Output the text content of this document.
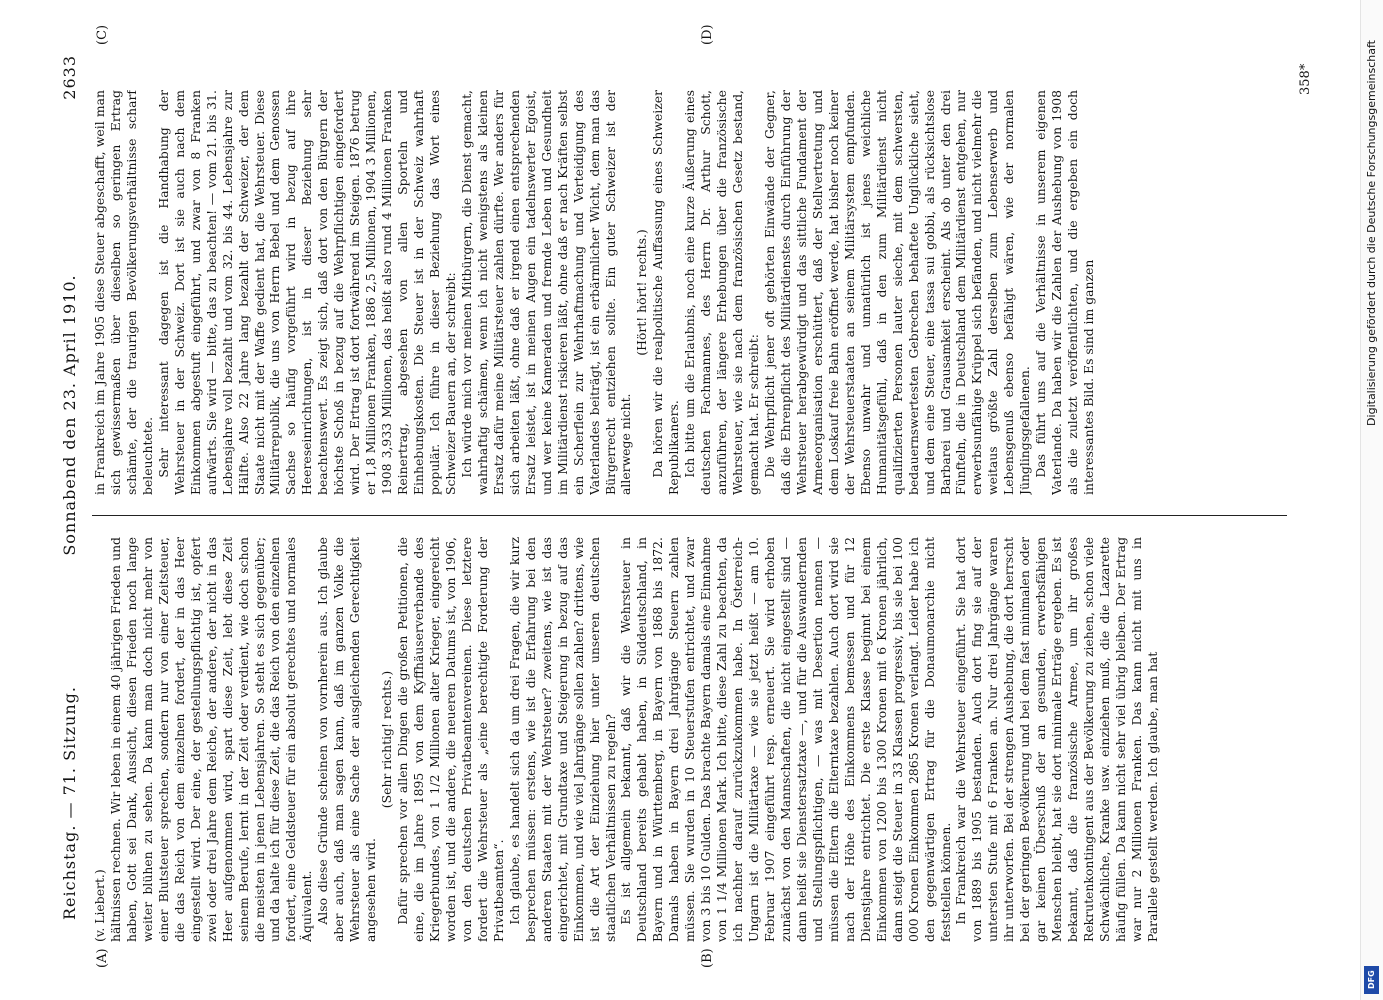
Reichstag. — 71. Sitzung.
Sonnabend den 23. April 1910.
2633
(A)	(B)
(C)	(D)

(v. Liebert.) hältnissen rechnen. Wir leben in einem 40 jährigen Frieden und haben, Gott sei Dank, Aussicht, diesen Frieden noch lange weiter blühen zu sehen. Da kann man doch nicht mehr von einer Blutsteuer sprechen, sondern nur von einer Zeitsteuer, die das Reich von dem einzelnen fordert, der in das Heer eingestellt wird. Der eine, der gestellungspflichtig ist, opfert zwei oder drei Jahre dem Reiche, der andere, der nicht in das Heer aufgenommen wird, spart diese Zeit, lebt diese Zeit seinem Berufe, lernt in der Zeit oder verdient, wie doch schon die meisten in jenen Lebensjahren. So steht es sich gegenüber; und da halte ich für diese Zeit, die das Reich von den einzelnen fordert, eine Geldsteuer für ein absolut gerechtes und normales Äquivalent. Also diese Gründe scheinen von vornherein aus. Ich glaube aber auch, daß man sagen kann, daß im ganzen Volke die Wehrsteuer als eine Sache der ausgleichenden Gerechtigkeit angesehen wird.

(Sehr richtig! rechts.) Dafür sprechen vor allen Dingen die großen Petitionen, die eine, die im Jahre 1895 von dem Kyffhäuserverbande des Kriegerbundes, von 1 1/2 Millionen alter Krieger, eingereicht worden ist, und die andere, die neueren Datums ist, von 1906, von den deutschen Privatbeamtenvereinen. Diese letztere fordert die Wehrsteuer als „eine berechtigte Forderung der Privatbeamten“. Ich glaube, es handelt sich da um drei Fragen, die wir kurz besprechen müssen: erstens, wie ist die Erfahrung bei den anderen Staaten mit der Wehrsteuer? zweitens, wie ist das eingerichtet, mit Grundtaxe und Steigerung in bezug auf das Einkommen, und wie viel Jahrgänge sollen zahlen? drittens, wie ist die Art der Einziehung hier unter unseren deutschen staatlichen Verhältnissen zu regeln? Es ist allgemein bekannt, daß wir die Wehrsteuer in Deutschland bereits gehabt haben, in Süddeutschland, in Bayern und in Württemberg, in Bayern von 1868 bis 1872. Damals haben in Bayern drei Jahrgänge Steuern zahlen müssen. Sie wurden in 10 Steuerstufen entrichtet, und zwar von 3 bis 10 Gulden. Das brachte Bayern damals eine Einnahme von 1 1/4 Millionen Mark. Ich bitte, diese Zahl zu beachten, da ich nachher darauf zurückzukommen habe. In Österreich-Ungarn ist die Militärtaxe — wie sie jetzt heißt — am 10. Februar 1907 eingeführt resp. erneuert. Sie wird erhoben zunächst von den Mannschaften, die nicht eingestellt sind — dann heißt sie Dienstersatztaxe —, und für die Auswandernden und Stellungspflichtigen, — was mit Desertion nennen — müssen die Eltern die Elterntaxe bezahlen. Auch dort wird sie nach der Höhe des Einkommens bemessen und für 12 Dienstjahre entrichtet. Die erste Klasse beginnt bei einem Einkommen von 1200 bis 1300 Kronen mit 6 Kronen jährlich, dann steigt die Steuer in 33 Klassen progressiv, bis sie bei 100 000 Kronen Einkommen 2865 Kronen verlangt. Leider habe ich den gegenwärtigen Ertrag für die Donaumonarchie nicht feststellen können. In Frankreich war die Wehrsteuer eingeführt. Sie hat dort von 1889 bis 1905 bestanden. Auch dort fing sie auf der untersten Stufe mit 6 Franken an. Nur drei Jahrgänge waren ihr unterworfen. Bei der strengen Aushebung, die dort herrscht bei der geringen Bevölkerung und bei dem fast minimalen oder gar keinen Überschuß der an gesunden, erwerbsfähigen Menschen bleibt, hat sie dort minimale Erträge ergeben. Es ist bekannt, daß die französische Armee, um ihr großes Rekrutenkontingent aus der Bevölkerung zu ziehen, schon viele Schwächliche, Kranke usw. einziehen muß, die die Lazarette häufig füllen. Da kann nicht sehr viel übrig bleiben. Der Ertrag war nur 2 Millionen Franken. Das kann nicht mit uns in Parallele gestellt werden. Ich glaube, man hat

in Frankreich im Jahre 1905 diese Steuer abgeschafft, weil man sich gewissermaßen über dieselben so geringen Ertrag schämte, der die traurigen Bevölkerungsverhältnisse scharf beleuchtete. Sehr interessant dagegen ist die Handhabung der Wehrsteuer in der Schweiz. Dort ist sie auch nach dem Einkommen abgestuft eingeführt, und zwar von 8 Franken aufwärts. Sie wird — bitte, das zu beachten! — vom 21. bis 31. Lebensjahre voll bezahlt und vom 32. bis 44. Lebensjahre zur Hälfte. Also 22 Jahre lang bezahlt der Schweizer, der dem Staate nicht mit der Waffe gedient hat, die Wehrsteuer. Diese Militärrepublik, die uns von Herrn Bebel und dem Genossen Sachse so häufig vorgeführt wird in bezug auf ihre Heereseinrichtungen, ist in dieser Beziehung sehr beachtenswert. Es zeigt sich, daß dort von den Bürgern der höchste Schoß in bezug auf die Wehrpflichtigen eingefordert wird. Der Ertrag ist dort fortwährend im Steigen. 1876 betrug er 1,8 Millionen Franken, 1886 2,5 Millionen, 1904 3 Millionen, 1908 3,933 Millionen, das heißt also rund 4 Millionen Franken Reinertrag, abgesehen von allen Sporteln und Einhebungskosten. Die Steuer ist in der Schweiz wahrhaft populär. Ich führe in dieser Beziehung das Wort eines Schweizer Bauern an, der schreibt: Ich würde mich vor meinen Mitbürgern, die Dienst gemacht, wahrhaftig schämen, wenn ich nicht wenigstens als kleinen Ersatz dafür meine Militärsteuer zahlen dürfte. Wer anders für sich arbeiten läßt, ohne daß er irgend einen entsprechenden Ersatz leistet, ist in meinen Augen ein tadelnswerter Egoist, und wer keine Kameraden und fremde Leben und Gesundheit im Militärdienst riskieren läßt, ohne daß er nach Kräften selbst ein Scherflein zur Wehrhaftmachung und Verteidigung des Vaterlandes beiträgt, ist ein erbärmlicher Wicht, dem man das Bürgerrecht entziehen sollte. Ein guter Schweizer ist der allerwege nicht.

(Hört! hört! rechts.) Da hören wir die realpolitische Auffassung eines Schweizer Republikaners. Ich bitte um die Erlaubnis, noch eine kurze Äußerung eines deutschen Fachmannes, des Herrn Dr. Arthur Schott, anzuführen, der längere Erhebungen über die französische Wehrsteuer, wie sie nach dem französischen Gesetz bestand, gemacht hat. Er schreibt: Die Wehrpflicht jener oft gehörten Einwände der Gegner, daß die Ehrenpflicht des Militärdienstes durch Einführung der Wehrsteuer herabgewürdigt und das sittliche Fundament der Armeeorganisation erschüttert, daß der Stellvertretung und dem Loskauf freie Bahn eröffnet werde, hat bisher noch keiner der Wehrsteuerstaaten an seinem Militärsystem empfunden. Ebenso unwahr und unnatürlich ist jenes weichliche Humanitätsgefühl, daß in den zum Militärdienst nicht qualifizierten Personen lauter sieche, mit dem schwersten, bedauernswertesten Gebrechen behaftete Unglückliche sieht, und dem eine Steuer, eine tassa sui gobbi, als rücksichtslose Barbarei und Grausamkeit erscheint. Als ob unter den drei Fünfteln, die in Deutschland dem Militärdienst entgehen, nur erwerbsunfähige Krüppel sich befänden, und nicht vielmehr die weitaus größte Zahl derselben zum Lebenserwerb und Lebensgenuß ebenso befähigt wären, wie der normalen Jünglingsgefallenen. Das führt uns auf die Verhältnisse in unserem eigenen Vaterlande. Da haben wir die Zahlen der Aushebung von 1908 als die zuletzt veröffentlichten, und die ergeben ein doch interessantes Bild. Es sind im ganzen

358*	Digitalisierung gefördert durch die Deutsche Forschungsgemeinschaft
DFG
